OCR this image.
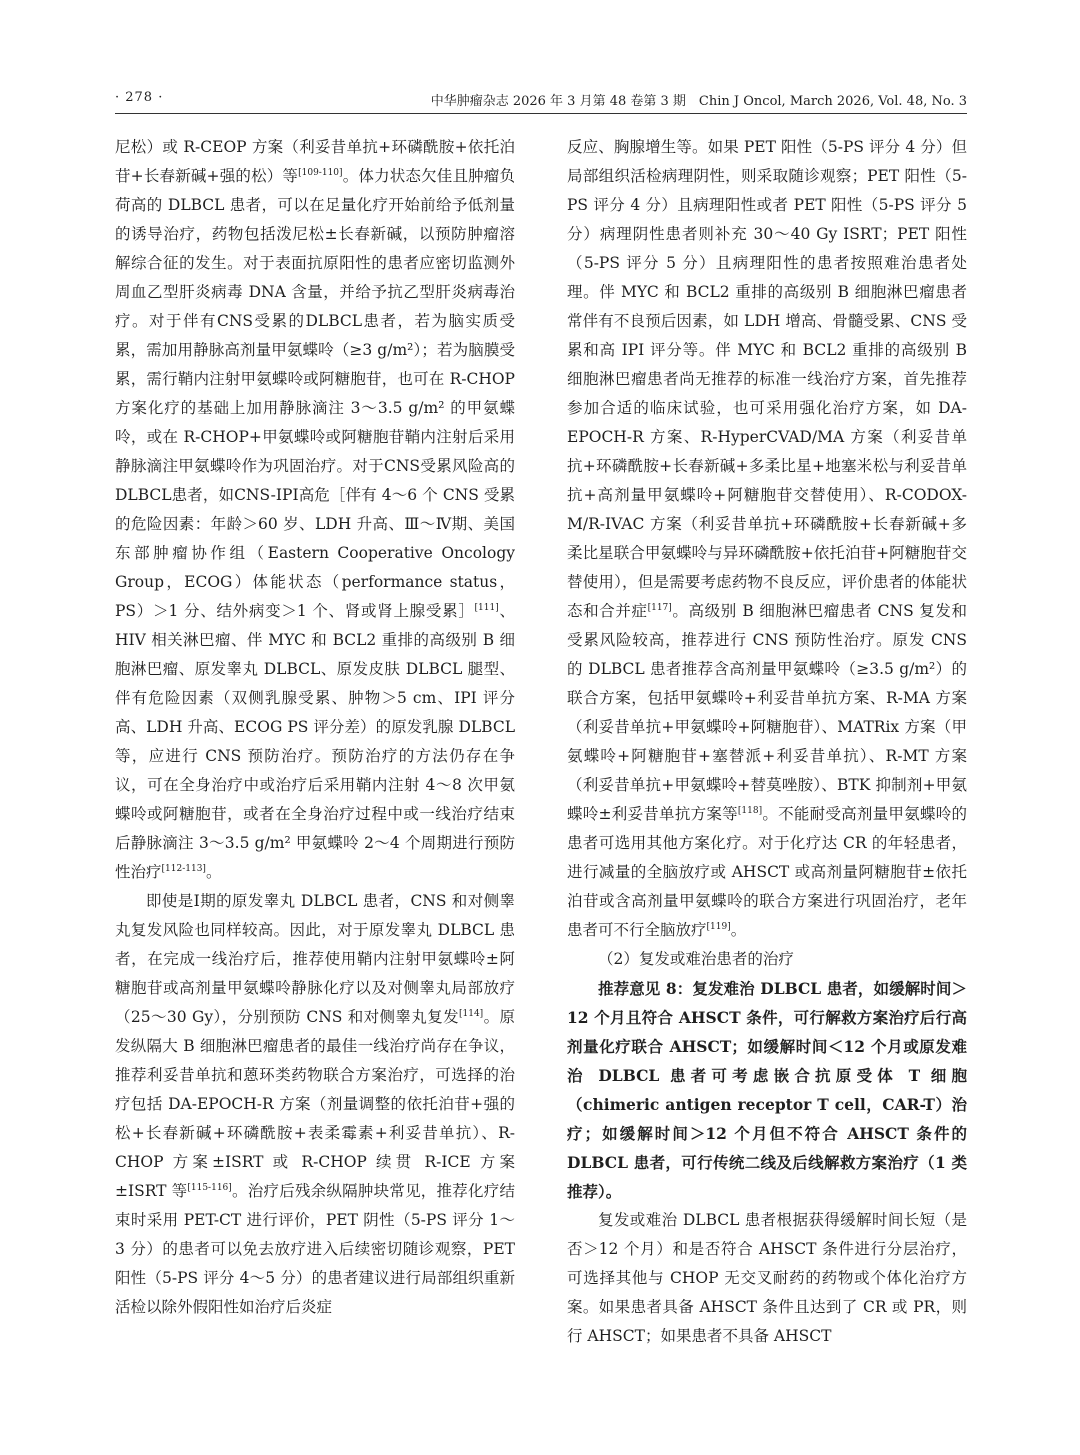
· 278 ·	中华肿瘤杂志 2026 年 3 月第 48 卷第 3 期　Chin J Oncol, March 2026, Vol. 48, No. 3

尼松）或 R-CEOP 方案（利妥昔单抗+环磷酰胺+依托泊苷+长春新碱+强的松）等[109-110]。体力状态欠佳且肿瘤负荷高的 DLBCL 患者，可以在足量化疗开始前给予低剂量的诱导治疗，药物包括泼尼松±长春新碱，以预防肿瘤溶解综合征的发生。对于表面抗原阳性的患者应密切监测外周血乙型肝炎病毒 DNA 含量，并给予抗乙型肝炎病毒治疗。对于伴有CNS受累的DLBCL患者，若为脑实质受累，需加用静脉高剂量甲氨蝶呤（≥3 g/m²）；若为脑膜受累，需行鞘内注射甲氨蝶呤或阿糖胞苷，也可在 R-CHOP 方案化疗的基础上加用静脉滴注 3～3.5 g/m² 的甲氨蝶呤，或在 R-CHOP+甲氨蝶呤或阿糖胞苷鞘内注射后采用静脉滴注甲氨蝶呤作为巩固治疗。对于CNS受累风险高的DLBCL患者，如CNS-IPI高危［伴有 4～6 个 CNS 受累的危险因素：年龄＞60 岁、LDH 升高、Ⅲ～Ⅳ期、美国东部肿瘤协作组（Eastern Cooperative Oncology Group，ECOG）体能状态（performance status，PS）＞1 分、结外病变＞1 个、肾或肾上腺受累］[111]、HIV 相关淋巴瘤、伴 MYC 和 BCL2 重排的高级别 B 细胞淋巴瘤、原发睾丸 DLBCL、原发皮肤 DLBCL 腿型、伴有危险因素（双侧乳腺受累、肿物＞5 cm、IPI 评分高、LDH 升高、ECOG PS 评分差）的原发乳腺 DLBCL 等，应进行 CNS 预防治疗。预防治疗的方法仍存在争议，可在全身治疗中或治疗后采用鞘内注射 4～8 次甲氨蝶呤或阿糖胞苷，或者在全身治疗过程中或一线治疗结束后静脉滴注 3～3.5 g/m² 甲氨蝶呤 2～4 个周期进行预防性治疗[112-113]。

即使是Ⅰ期的原发睾丸 DLBCL 患者，CNS 和对侧睾丸复发风险也同样较高。因此，对于原发睾丸 DLBCL 患者，在完成一线治疗后，推荐使用鞘内注射甲氨蝶呤±阿糖胞苷或高剂量甲氨蝶呤静脉化疗以及对侧睾丸局部放疗（25～30 Gy），分别预防 CNS 和对侧睾丸复发[114]。原发纵隔大 B 细胞淋巴瘤患者的最佳一线治疗尚存在争议，推荐利妥昔单抗和蒽环类药物联合方案治疗，可选择的治疗包括 DA-EPOCH-R 方案（剂量调整的依托泊苷+强的松+长春新碱+环磷酰胺+表柔霉素+利妥昔单抗）、R-CHOP 方案±ISRT 或 R-CHOP 续贯 R-ICE 方案±ISRT 等[115-116]。治疗后残余纵隔肿块常见，推荐化疗结束时采用 PET-CT 进行评价，PET 阴性（5-PS 评分 1～3 分）的患者可以免去放疗进入后续密切随诊观察，PET 阳性（5-PS 评分 4～5 分）的患者建议进行局部组织重新活检以除外假阳性如治疗后炎症

反应、胸腺增生等。如果 PET 阳性（5-PS 评分 4 分）但局部组织活检病理阴性，则采取随诊观察；PET 阳性（5-PS 评分 4 分）且病理阳性或者 PET 阳性（5-PS 评分 5 分）病理阴性患者则补充 30～40 Gy ISRT；PET 阳性（5-PS 评分 5 分）且病理阳性的患者按照难治患者处理。伴 MYC 和 BCL2 重排的高级别 B 细胞淋巴瘤患者常伴有不良预后因素，如 LDH 增高、骨髓受累、CNS 受累和高 IPI 评分等。伴 MYC 和 BCL2 重排的高级别 B 细胞淋巴瘤患者尚无推荐的标准一线治疗方案，首先推荐参加合适的临床试验，也可采用强化治疗方案，如 DA-EPOCH-R 方案、R-HyperCVAD/MA 方案（利妥昔单抗+环磷酰胺+长春新碱+多柔比星+地塞米松与利妥昔单抗+高剂量甲氨蝶呤+阿糖胞苷交替使用）、R-CODOX-M/R-IVAC 方案（利妥昔单抗+环磷酰胺+长春新碱+多柔比星联合甲氨蝶呤与异环磷酰胺+依托泊苷+阿糖胞苷交替使用），但是需要考虑药物不良反应，评价患者的体能状态和合并症[117]。高级别 B 细胞淋巴瘤患者 CNS 复发和受累风险较高，推荐进行 CNS 预防性治疗。原发 CNS 的 DLBCL 患者推荐含高剂量甲氨蝶呤（≥3.5 g/m²）的联合方案，包括甲氨蝶呤+利妥昔单抗方案、R-MA 方案（利妥昔单抗+甲氨蝶呤+阿糖胞苷）、MATRix 方案（甲氨蝶呤+阿糖胞苷+塞替派+利妥昔单抗）、R-MT 方案（利妥昔单抗+甲氨蝶呤+替莫唑胺）、BTK 抑制剂+甲氨蝶呤±利妥昔单抗方案等[118]。不能耐受高剂量甲氨蝶呤的患者可选用其他方案化疗。对于化疗达 CR 的年轻患者，进行减量的全脑放疗或 AHSCT 或高剂量阿糖胞苷±依托泊苷或含高剂量甲氨蝶呤的联合方案进行巩固治疗，老年患者可不行全脑放疗[119]。

（2）复发或难治患者的治疗

推荐意见 8：复发难治 DLBCL 患者，如缓解时间＞12 个月且符合 AHSCT 条件，可行解救方案治疗后行高剂量化疗联合 AHSCT；如缓解时间＜12 个月或原发难治 DLBCL 患者可考虑嵌合抗原受体 T 细胞（chimeric antigen receptor T cell，CAR-T）治疗；如缓解时间＞12 个月但不符合 AHSCT 条件的 DLBCL 患者，可行传统二线及后线解救方案治疗（1 类推荐）。

复发或难治 DLBCL 患者根据获得缓解时间长短（是否＞12 个月）和是否符合 AHSCT 条件进行分层治疗，可选择其他与 CHOP 无交叉耐药的药物或个体化治疗方案。如果患者具备 AHSCT 条件且达到了 CR 或 PR，则行 AHSCT；如果患者不具备 AHSCT
